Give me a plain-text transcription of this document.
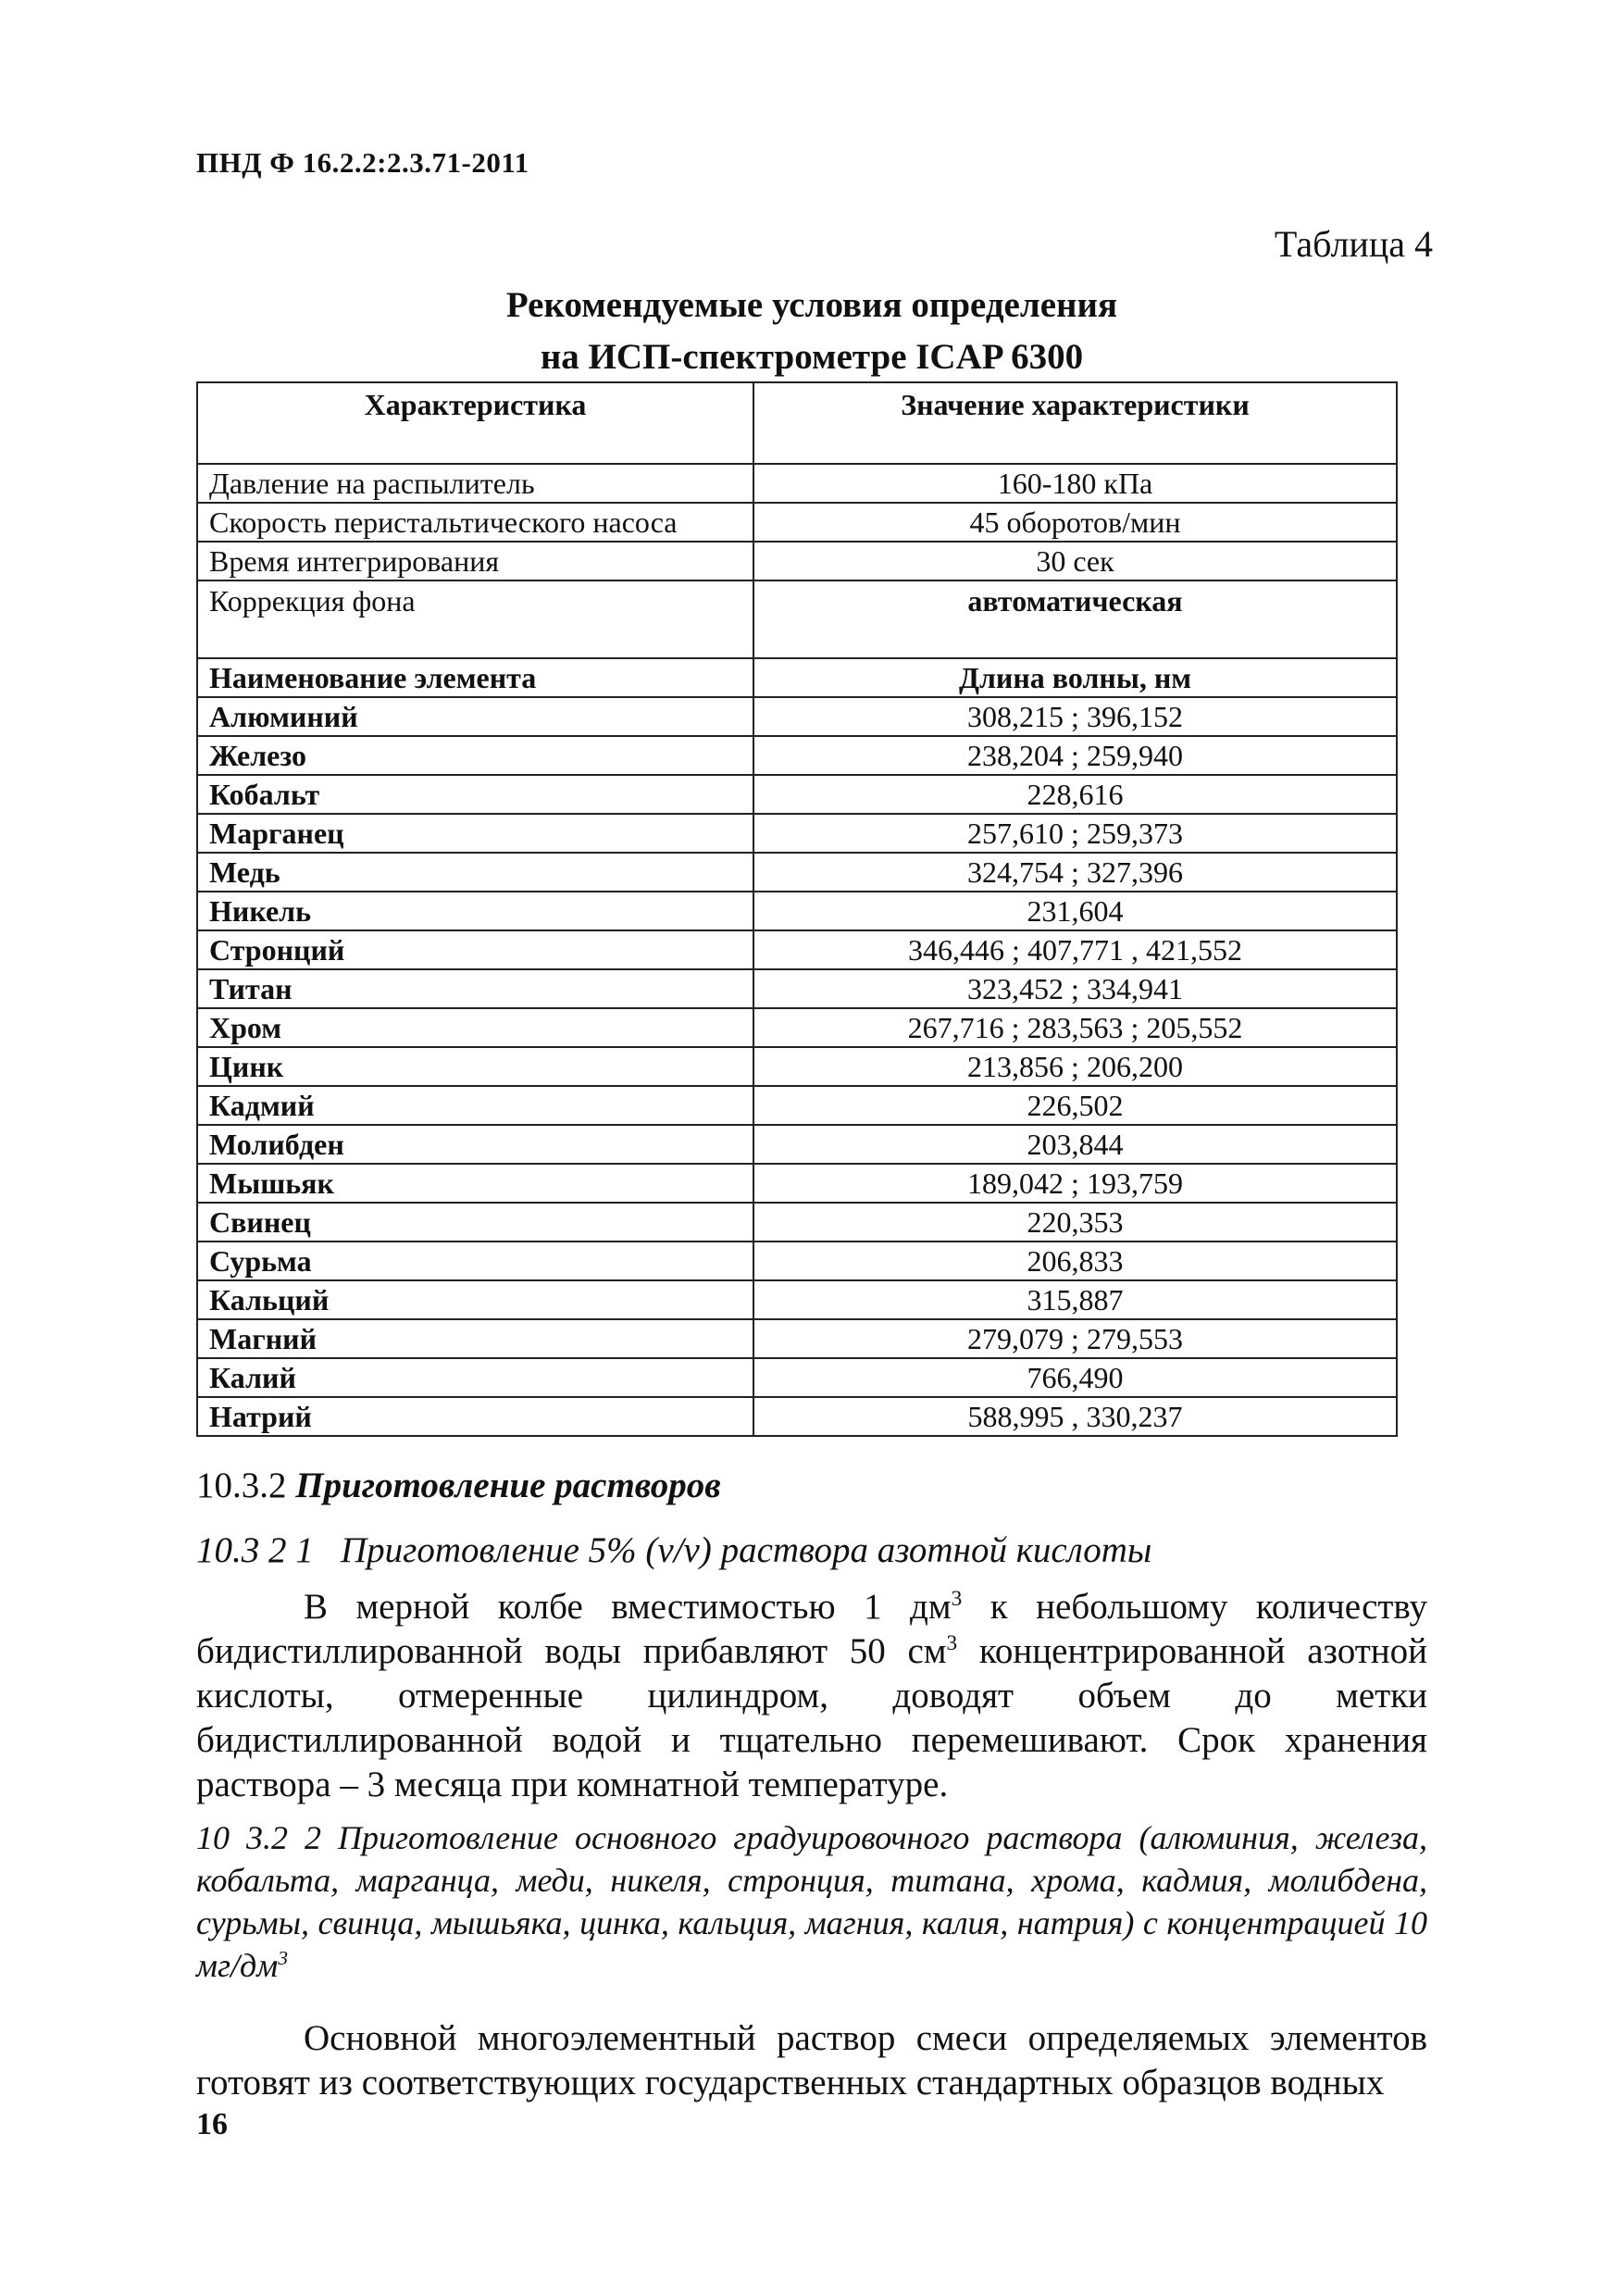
ПНД Ф 16.2.2:2.3.71-2011
Таблица 4
Рекомендуемые условия определения
на ИСП-спектрометре ICAP 6300
Характеристика	Значение характеристики
Давление на распылитель	160-180 кПа
Скорость перистальтического насоса	45 оборотов/мин
Время интегрирования	30 сек
Коррекция фона	автоматическая
Наименование элемента	Длина волны, нм
Алюминий	308,215 ; 396,152
Железо	238,204 ; 259,940
Кобальт	228,616
Марганец	257,610 ; 259,373
Медь	324,754 ; 327,396
Никель	231,604
Стронций	346,446 ; 407,771 , 421,552
Титан	323,452 ; 334,941
Хром	267,716 ; 283,563 ; 205,552
Цинк	213,856 ; 206,200
Кадмий	226,502
Молибден	203,844
Мышьяк	189,042 ; 193,759
Свинец	220,353
Сурьма	206,833
Кальций	315,887
Магний	279,079 ; 279,553
Калий	766,490
Натрий	588,995 , 330,237
10.3.2 Приготовление растворов
10.3 2 1 Приготовление 5% (v/v) раствора азотной кислоты
В мерной колбе вместимостью 1 $дм^3$ к небольшому количеству бидистиллированной воды прибавляют 50 $см^3$ концентрированной азотной кислоты, отмеренные цилиндром, доводят объем до метки бидистиллированной водой и тщательно перемешивают. Срок хранения раствора – 3 месяца при комнатной температуре.
10 3.2 2 Приготовление основного градуировочного раствора (алюминия, железа, кобальта, марганца, меди, никеля, стронция, титана, хрома, кадмия, молибдена, сурьмы, свинца, мышьяка, цинка, кальция, магния, калия, натрия) с концентрацией 10 $мг/дм^3$
Основной многоэлементный раствор смеси определяемых элементов готовят из соответствующих государственных стандартных образцов водных
16
